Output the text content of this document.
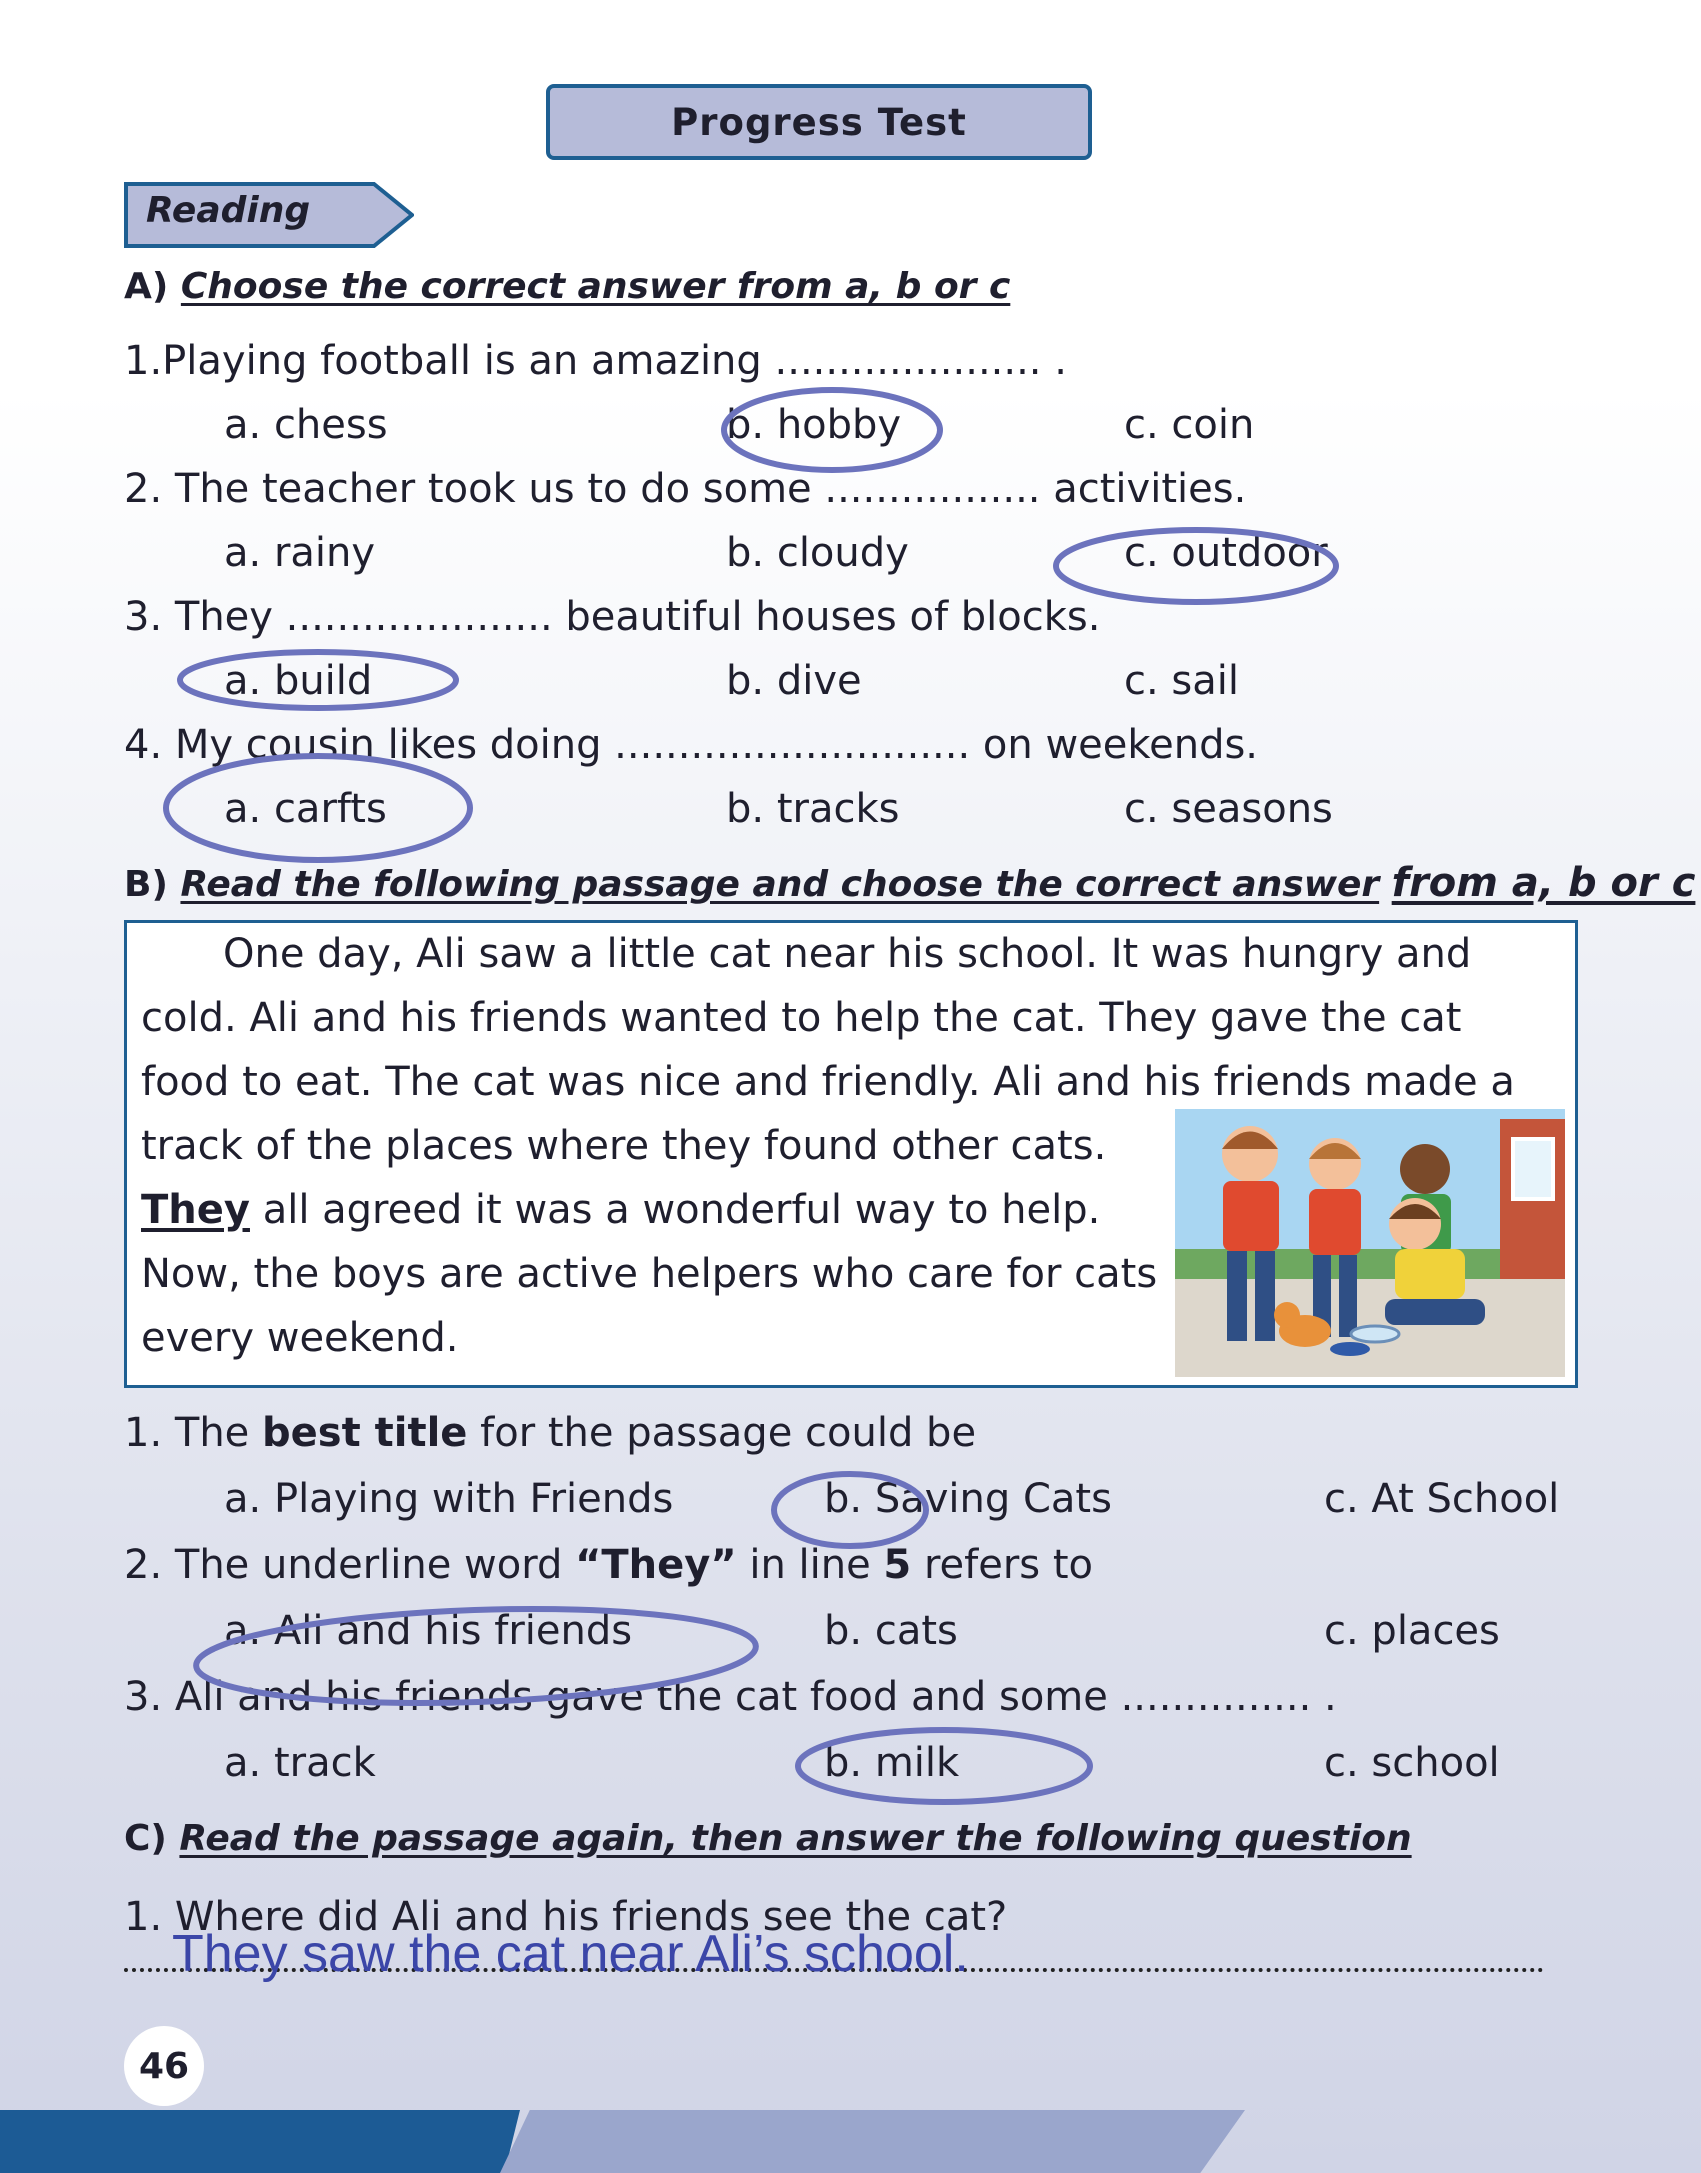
Progress Test
Reading
A) Choose the correct answer from a, b or c
1.Playing football is an amazing ..................... .
a. chess	b. hobby	c. coin
2. The teacher took us to do some ................. activities.
a. rainy	b. cloudy	c. outdoor
3. They ..................... beautiful houses of blocks.
a. build	b. dive	c. sail
4. My cousin likes doing ............................ on weekends.
a. carfts	b. tracks	c. seasons
B) Read the following passage and choose the correct answer from a, b or c
One day, Ali saw a little cat near his school. It was hungry and
cold. Ali and his friends wanted to help the cat. They gave the cat
food to eat. The cat was nice and friendly. Ali and his friends made a
track of the places where they found other cats.
They all agreed it was a wonderful way to help.
Now, the boys are active helpers who care for cats
every weekend.
1. The best title for the passage could be
a. Playing with Friends	b. Saving Cats	c. At School
2. The underline word “They” in line 5 refers to
a. Ali and his friends	b. cats	c. places
3. Ali and his friends gave the cat food and some ............... .
a. track	b. milk	c. school
C) Read the passage again, then answer the following question
1. Where did Ali and his friends see the cat?
They saw the cat near Ali’s school.
46
